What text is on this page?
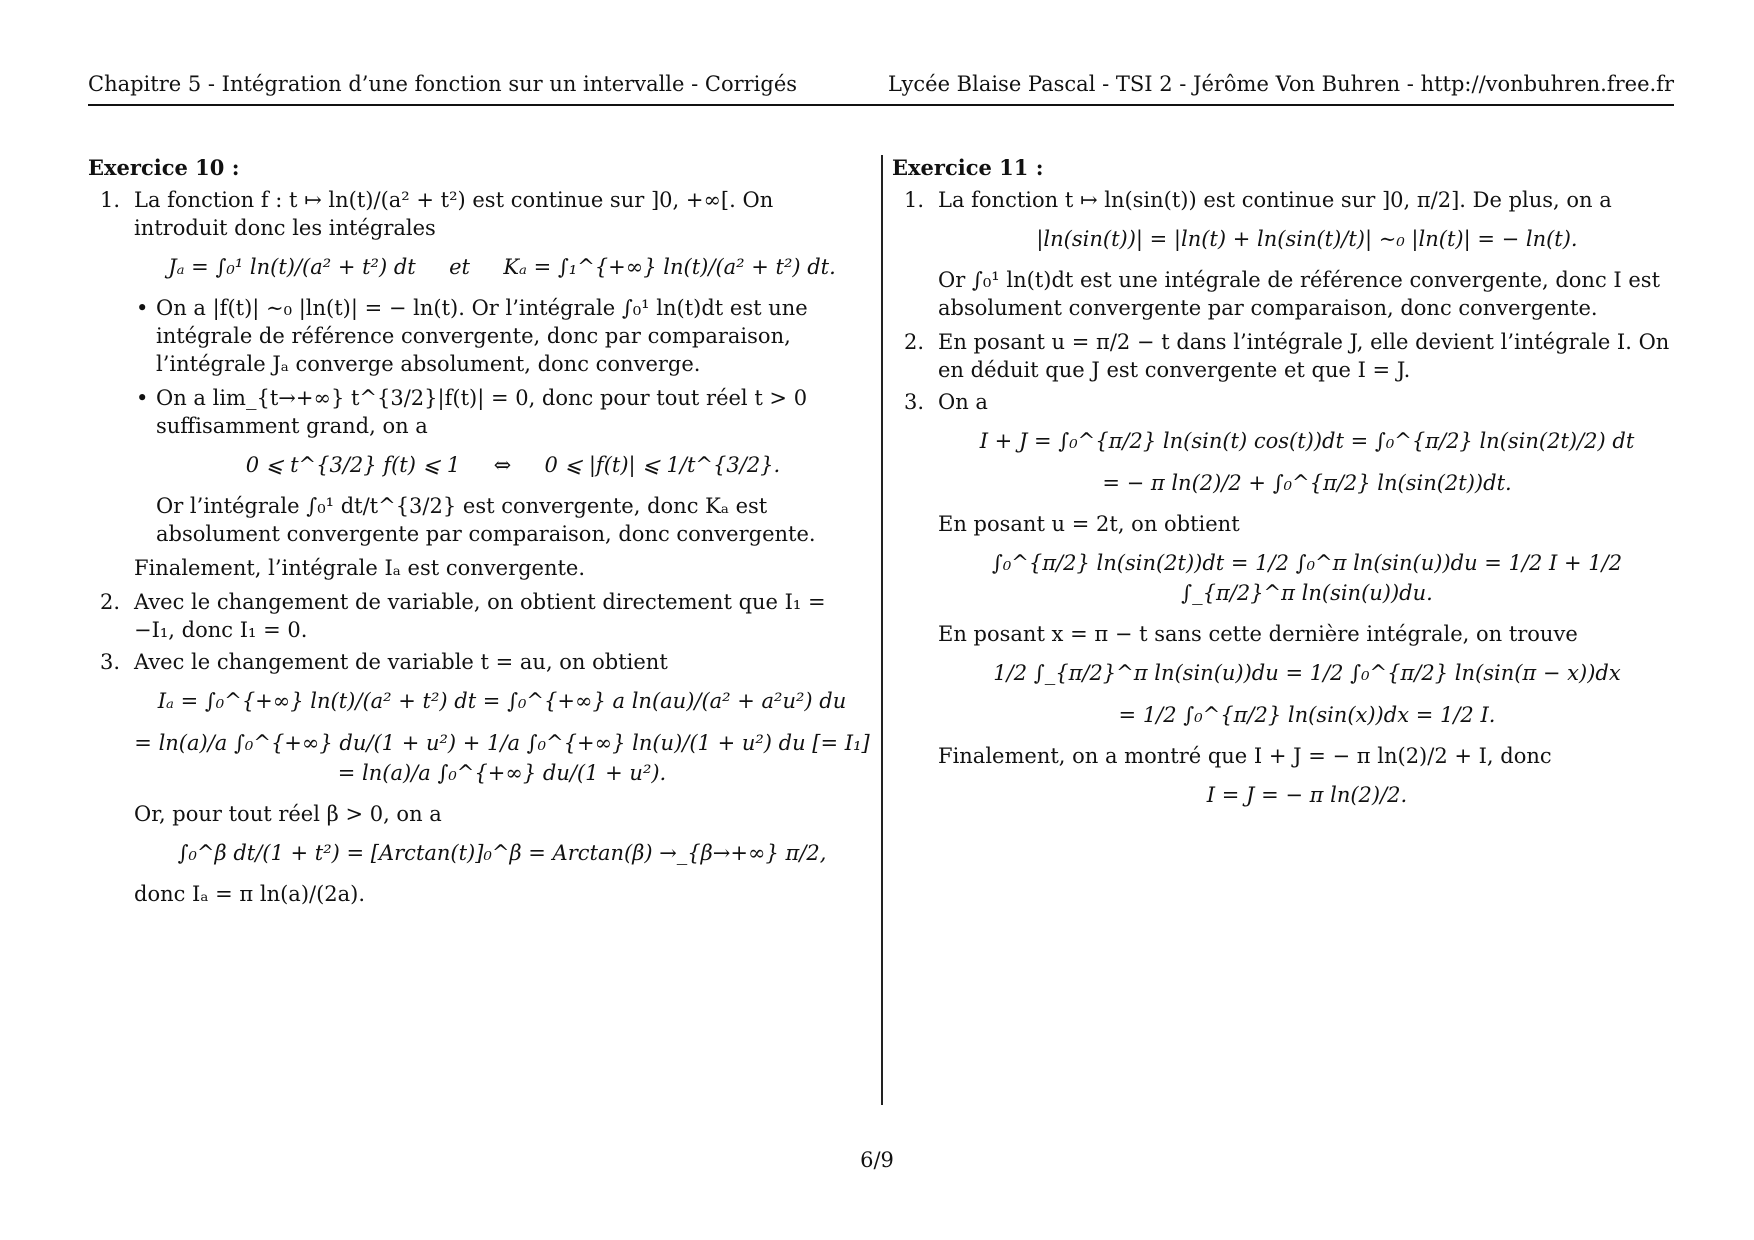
Chapitre 5 - Intégration d’une fonction sur un intervalle - Corrigés	Lycée Blaise Pascal - TSI 2 - Jérôme Von Buhren - http://vonbuhren.free.fr
Exercice 10 :
1. La fonction f : t ↦ ln(t)/(a² + t²) est continue sur ]0, +∞[. On introduit donc les intégrales
Jₐ = ∫₀¹ ln(t)/(a² + t²) dt     et     Kₐ = ∫₁^{+∞} ln(t)/(a² + t²) dt.
• On a |f(t)| ∼₀ |ln(t)| = − ln(t). Or l’intégrale ∫₀¹ ln(t)dt est une intégrale de référence convergente, donc par comparaison, l’intégrale Jₐ converge absolument, donc converge.
• On a lim_{t→+∞} t^{3/2}|f(t)| = 0, donc pour tout réel t > 0 suffisamment grand, on a
0 ⩽ t^{3/2} f(t) ⩽ 1     ⇔     0 ⩽ |f(t)| ⩽ 1/t^{3/2}.
Or l’intégrale ∫₀¹ dt/t^{3/2} est convergente, donc Kₐ est absolument convergente par comparaison, donc convergente.
Finalement, l’intégrale Iₐ est convergente.
2. Avec le changement de variable, on obtient directement que I₁ = −I₁, donc I₁ = 0.
3. Avec le changement de variable t = au, on obtient
Iₐ = ∫₀^{+∞} ln(t)/(a² + t²) dt = ∫₀^{+∞} a ln(au)/(a² + a²u²) du
= ln(a)/a ∫₀^{+∞} du/(1 + u²) + 1/a ∫₀^{+∞} ln(u)/(1 + u²) du [= I₁] = ln(a)/a ∫₀^{+∞} du/(1 + u²).
Or, pour tout réel β > 0, on a
∫₀^β dt/(1 + t²) = [Arctan(t)]₀^β = Arctan(β) →_{β→+∞} π/2,
donc Iₐ = π ln(a)/(2a).
Exercice 11 :
1. La fonction t ↦ ln(sin(t)) est continue sur ]0, π/2]. De plus, on a
|ln(sin(t))| = |ln(t) + ln(sin(t)/t)| ∼₀ |ln(t)| = − ln(t).
Or ∫₀¹ ln(t)dt est une intégrale de référence convergente, donc I est absolument convergente par comparaison, donc convergente.
2. En posant u = π/2 − t dans l’intégrale J, elle devient l’intégrale I. On en déduit que J est convergente et que I = J.
3. On a
I + J = ∫₀^{π/2} ln(sin(t) cos(t))dt = ∫₀^{π/2} ln(sin(2t)/2) dt
= − π ln(2)/2 + ∫₀^{π/2} ln(sin(2t))dt.
En posant u = 2t, on obtient
∫₀^{π/2} ln(sin(2t))dt = 1/2 ∫₀^π ln(sin(u))du = 1/2 I + 1/2 ∫_{π/2}^π ln(sin(u))du.
En posant x = π − t sans cette dernière intégrale, on trouve
1/2 ∫_{π/2}^π ln(sin(u))du = 1/2 ∫₀^{π/2} ln(sin(π − x))dx
= 1/2 ∫₀^{π/2} ln(sin(x))dx = 1/2 I.
Finalement, on a montré que I + J = − π ln(2)/2 + I, donc
I = J = − π ln(2)/2.
6/9
